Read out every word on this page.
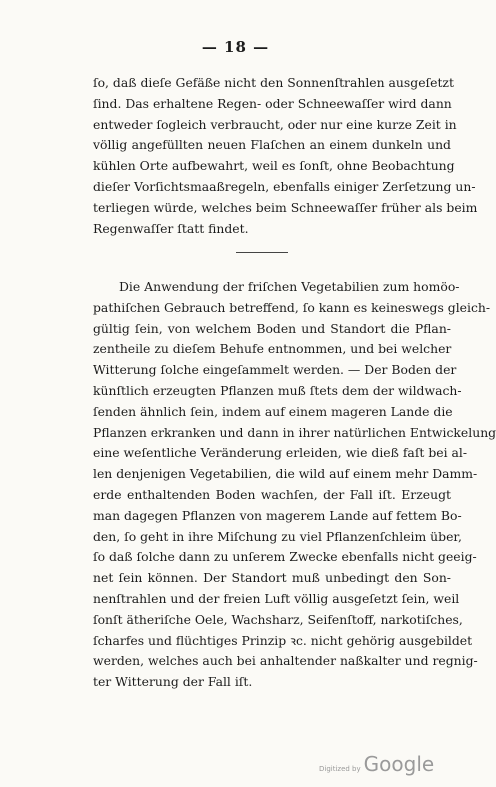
— 18 —
ſo, daß dieſe Gefäße nicht den Sonnenſtrahlen ausgeſetzt
ſind. Das erhaltene Regen- oder Schneewaſſer wird dann
entweder ſogleich verbraucht, oder nur eine kurze Zeit in
völlig angefüllten neuen Flaſchen an einem dunkeln und
kühlen Orte aufbewahrt, weil es ſonſt, ohne Beobachtung
dieſer Vorſichtsmaaßregeln, ebenfalls einiger Zerſetzung un-
terliegen würde, welches beim Schneewaſſer früher als beim
Regenwaſſer ſtatt findet.
Die Anwendung der friſchen Vegetabilien zum homöo-
pathiſchen Gebrauch betreffend, ſo kann es keineswegs gleich-
gültig ſein, von welchem Boden und Standort die Pflan-
zentheile zu dieſem Behufe entnommen, und bei welcher
Witterung ſolche eingeſammelt werden. — Der Boden der
künſtlich erzeugten Pflanzen muß ſtets dem der wildwach-
ſenden ähnlich ſein, indem auf einem mageren Lande die
Pflanzen erkranken und dann in ihrer natürlichen Entwickelung
eine weſentliche Veränderung erleiden, wie dieß faſt bei al-
len denjenigen Vegetabilien, die wild auf einem mehr Damm-
erde enthaltenden Boden wachſen, der Fall iſt. Erzeugt
man dagegen Pflanzen von magerem Lande auf fettem Bo-
den, ſo geht in ihre Miſchung zu viel Pflanzenſchleim über,
ſo daß ſolche dann zu unſerem Zwecke ebenfalls nicht geeig-
net ſein können. Der Standort muß unbedingt den Son-
nenſtrahlen und der freien Luft völlig ausgeſetzt ſein, weil
ſonſt ätheriſche Oele, Wachsharz, Seifenſtoff, narkotiſches,
ſcharfes und flüchtiges Prinzip ꝛc. nicht gehörig ausgebildet
werden, welches auch bei anhaltender naßkalter und regnig-
ter Witterung der Fall iſt.
Digitized by Google
